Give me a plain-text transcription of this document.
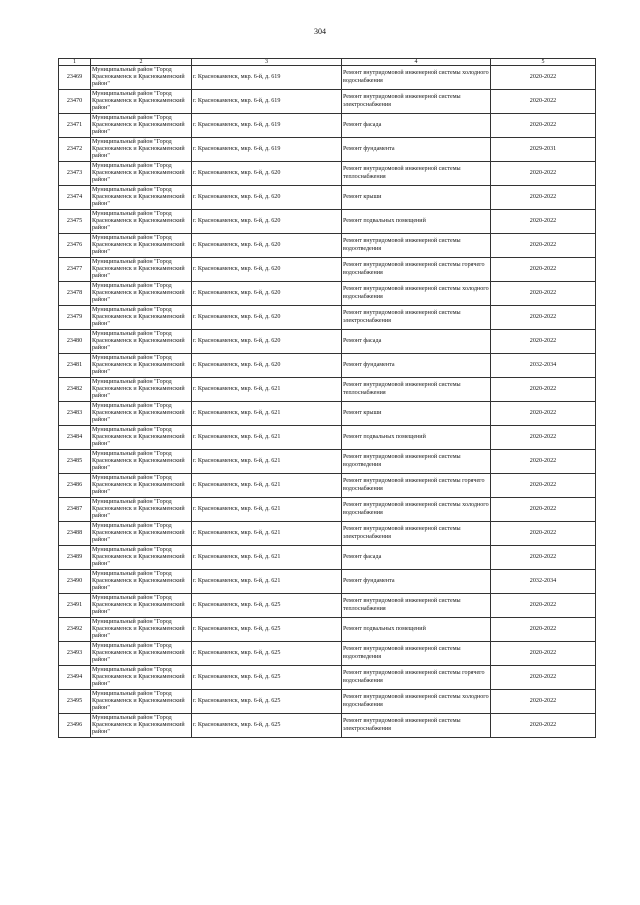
304
1	2	3	4	5
23469	Муниципальный район "Город Краснокаменск и Краснокаменский район"	г. Краснокаменск, мкр. 6-й, д. 619	Ремонт внутридомовой инженерной системы холодного водоснабжения	2020-2022
23470	Муниципальный район "Город Краснокаменск и Краснокаменский район"	г. Краснокаменск, мкр. 6-й, д. 619	Ремонт внутридомовой инженерной системы электроснабжения	2020-2022
23471	Муниципальный район "Город Краснокаменск и Краснокаменский район"	г. Краснокаменск, мкр. 6-й, д. 619	Ремонт фасада	2020-2022
23472	Муниципальный район "Город Краснокаменск и Краснокаменский район"	г. Краснокаменск, мкр. 6-й, д. 619	Ремонт фундамента	2029-2031
23473	Муниципальный район "Город Краснокаменск и Краснокаменский район"	г. Краснокаменск, мкр. 6-й, д. 620	Ремонт внутридомовой инженерной системы теплоснабжения	2020-2022
23474	Муниципальный район "Город Краснокаменск и Краснокаменский район"	г. Краснокаменск, мкр. 6-й, д. 620	Ремонт крыши	2020-2022
23475	Муниципальный район "Город Краснокаменск и Краснокаменский район"	г. Краснокаменск, мкр. 6-й, д. 620	Ремонт подвальных помещений	2020-2022
23476	Муниципальный район "Город Краснокаменск и Краснокаменский район"	г. Краснокаменск, мкр. 6-й, д. 620	Ремонт внутридомовой инженерной системы водоотведения	2020-2022
23477	Муниципальный район "Город Краснокаменск и Краснокаменский район"	г. Краснокаменск, мкр. 6-й, д. 620	Ремонт внутридомовой инженерной системы горячего водоснабжения	2020-2022
23478	Муниципальный район "Город Краснокаменск и Краснокаменский район"	г. Краснокаменск, мкр. 6-й, д. 620	Ремонт внутридомовой инженерной системы холодного водоснабжения	2020-2022
23479	Муниципальный район "Город Краснокаменск и Краснокаменский район"	г. Краснокаменск, мкр. 6-й, д. 620	Ремонт внутридомовой инженерной системы электроснабжения	2020-2022
23480	Муниципальный район "Город Краснокаменск и Краснокаменский район"	г. Краснокаменск, мкр. 6-й, д. 620	Ремонт фасада	2020-2022
23481	Муниципальный район "Город Краснокаменск и Краснокаменский район"	г. Краснокаменск, мкр. 6-й, д. 620	Ремонт фундамента	2032-2034
23482	Муниципальный район "Город Краснокаменск и Краснокаменский район"	г. Краснокаменск, мкр. 6-й, д. 621	Ремонт внутридомовой инженерной системы теплоснабжения	2020-2022
23483	Муниципальный район "Город Краснокаменск и Краснокаменский район"	г. Краснокаменск, мкр. 6-й, д. 621	Ремонт крыши	2020-2022
23484	Муниципальный район "Город Краснокаменск и Краснокаменский район"	г. Краснокаменск, мкр. 6-й, д. 621	Ремонт подвальных помещений	2020-2022
23485	Муниципальный район "Город Краснокаменск и Краснокаменский район"	г. Краснокаменск, мкр. 6-й, д. 621	Ремонт внутридомовой инженерной системы водоотведения	2020-2022
23486	Муниципальный район "Город Краснокаменск и Краснокаменский район"	г. Краснокаменск, мкр. 6-й, д. 621	Ремонт внутридомовой инженерной системы горячего водоснабжения	2020-2022
23487	Муниципальный район "Город Краснокаменск и Краснокаменский район"	г. Краснокаменск, мкр. 6-й, д. 621	Ремонт внутридомовой инженерной системы холодного водоснабжения	2020-2022
23488	Муниципальный район "Город Краснокаменск и Краснокаменский район"	г. Краснокаменск, мкр. 6-й, д. 621	Ремонт внутридомовой инженерной системы электроснабжения	2020-2022
23489	Муниципальный район "Город Краснокаменск и Краснокаменский район"	г. Краснокаменск, мкр. 6-й, д. 621	Ремонт фасада	2020-2022
23490	Муниципальный район "Город Краснокаменск и Краснокаменский район"	г. Краснокаменск, мкр. 6-й, д. 621	Ремонт фундамента	2032-2034
23491	Муниципальный район "Город Краснокаменск и Краснокаменский район"	г. Краснокаменск, мкр. 6-й, д. 625	Ремонт внутридомовой инженерной системы теплоснабжения	2020-2022
23492	Муниципальный район "Город Краснокаменск и Краснокаменский район"	г. Краснокаменск, мкр. 6-й, д. 625	Ремонт подвальных помещений	2020-2022
23493	Муниципальный район "Город Краснокаменск и Краснокаменский район"	г. Краснокаменск, мкр. 6-й, д. 625	Ремонт внутридомовой инженерной системы водоотведения	2020-2022
23494	Муниципальный район "Город Краснокаменск и Краснокаменский район"	г. Краснокаменск, мкр. 6-й, д. 625	Ремонт внутридомовой инженерной системы горячего водоснабжения	2020-2022
23495	Муниципальный район "Город Краснокаменск и Краснокаменский район"	г. Краснокаменск, мкр. 6-й, д. 625	Ремонт внутридомовой инженерной системы холодного водоснабжения	2020-2022
23496	Муниципальный район "Город Краснокаменск и Краснокаменский район"	г. Краснокаменск, мкр. 6-й, д. 625	Ремонт внутридомовой инженерной системы электроснабжения	2020-2022
